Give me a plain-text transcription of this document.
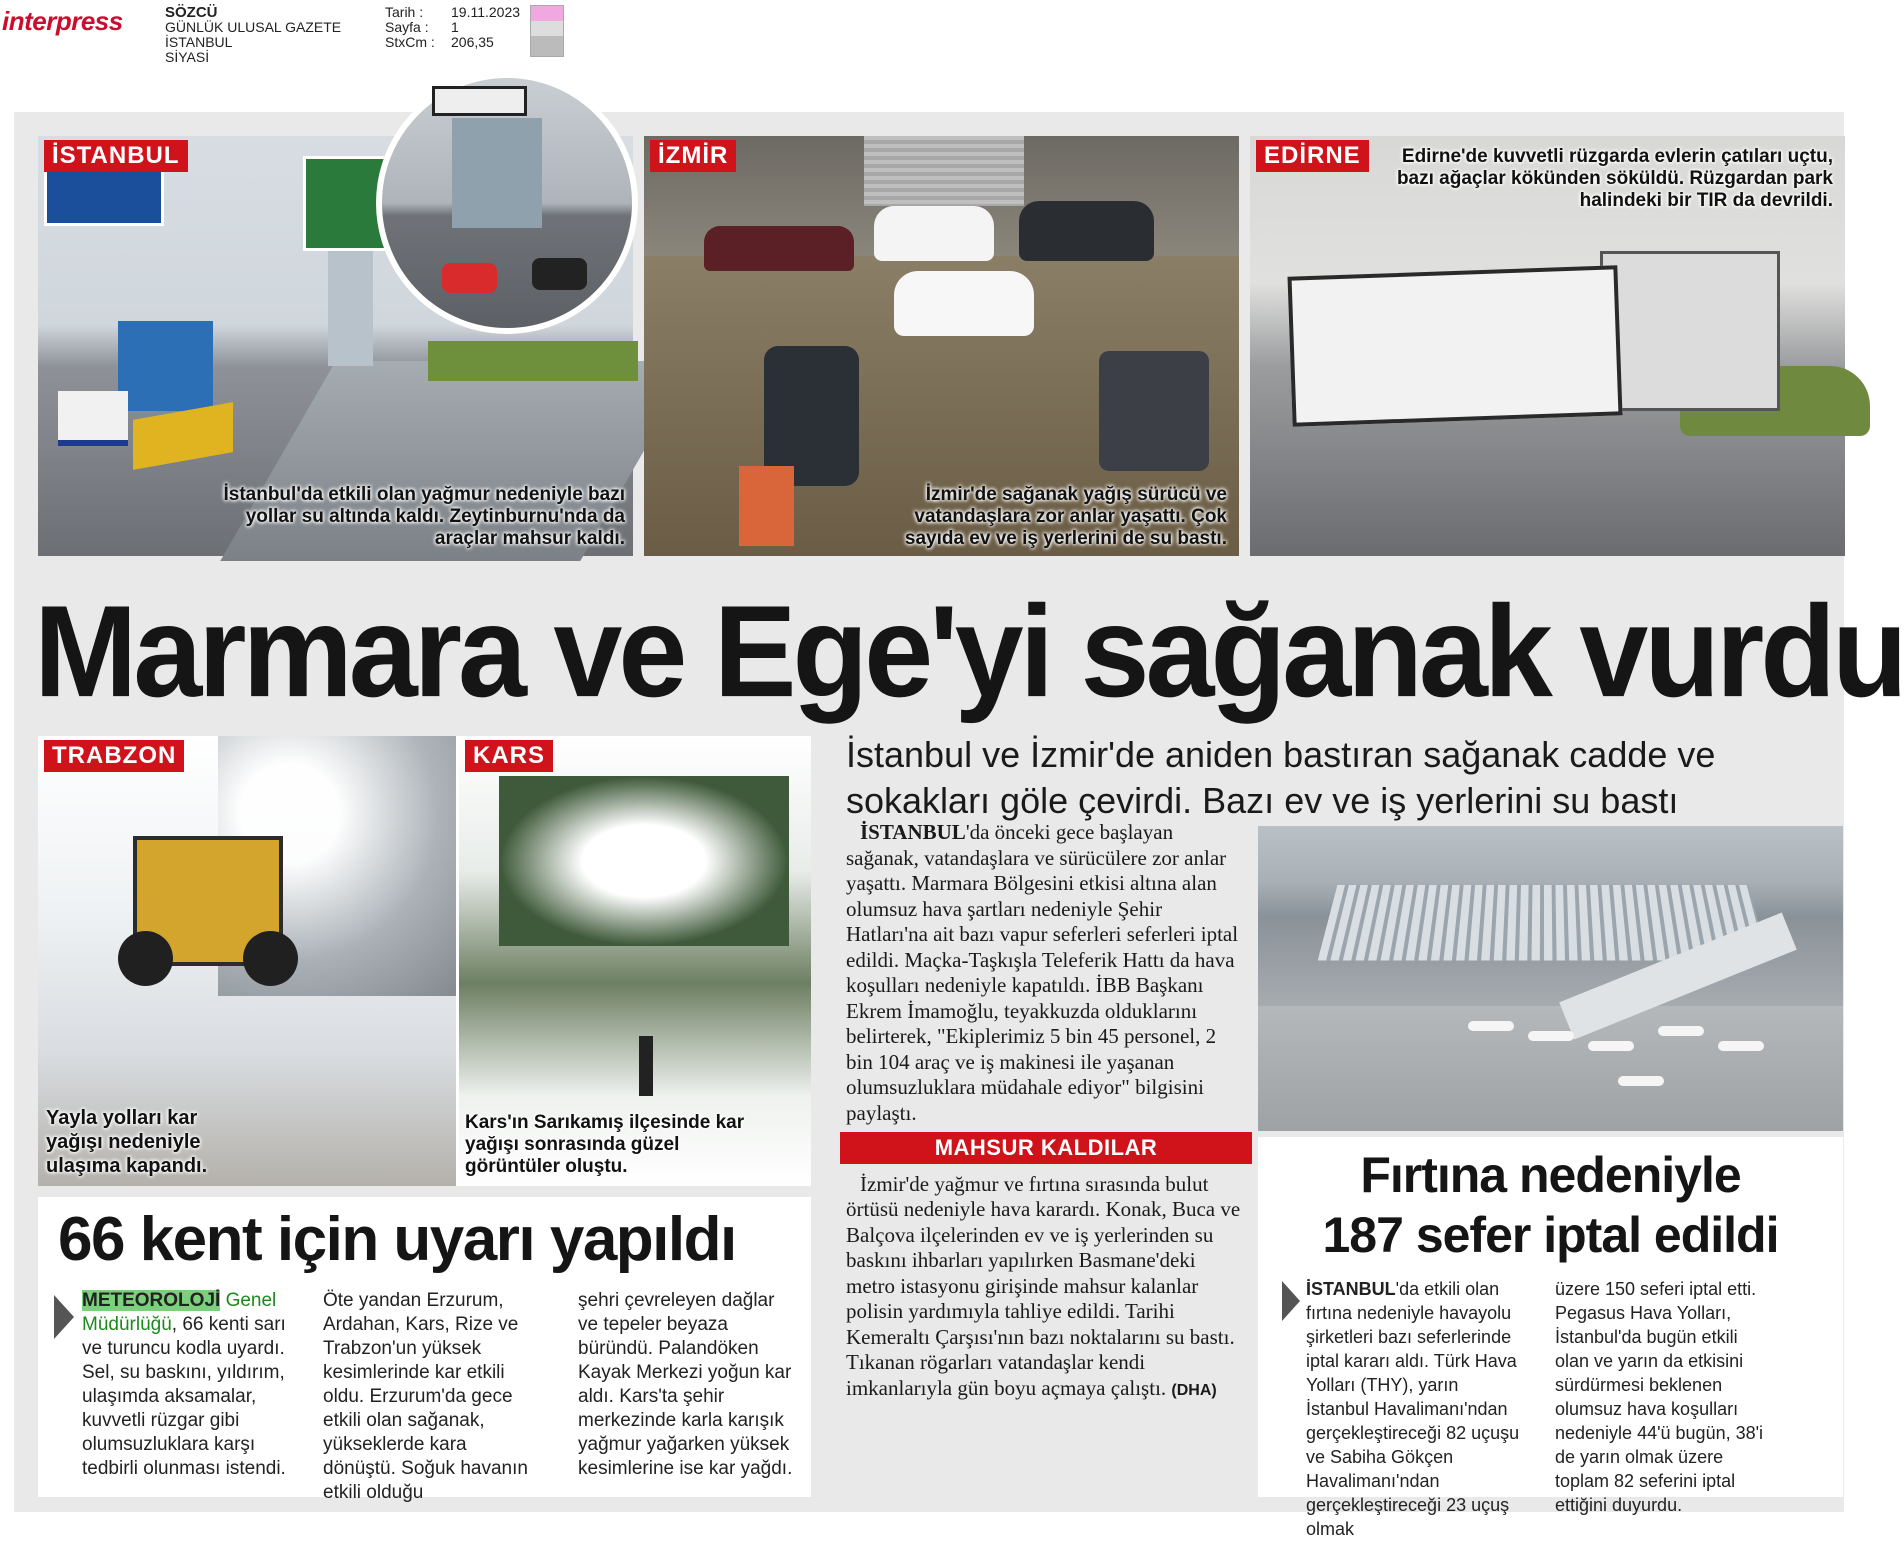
interpress	SÖZCÜ
GÜNLÜK ULUSAL GAZETE
İSTANBUL
SİYASİ
Tarih :	19.11.2023
Sayfa :	1
StxCm :	206,35
İSTANBUL
İstanbul'da etkili olan yağmur nedeniyle bazı yollar su altında kaldı. Zeytinburnu'nda da araçlar mahsur kaldı.
İZMİR
İzmir'de sağanak yağış sürücü ve vatandaşlara zor anlar yaşattı. Çok sayıda ev ve iş yerlerini de su bastı.
EDİRNE	Edirne'de kuvvetli rüzgarda evlerin çatıları uçtu, bazı ağaçlar kökünden söküldü. Rüzgardan park halindeki bir TIR da devrildi.
Marmara ve Ege'yi sağanak vurdu
TRABZON
Yayla yolları kar yağışı nedeniyle ulaşıma kapandı.
KARS
Kars'ın Sarıkamış ilçesinde kar yağışı sonrasında güzel görüntüler oluştu.
66 kent için uyarı yapıldı
METEOROLOJİ Genel Müdürlüğü, 66 kenti sarı ve turuncu kodla uyardı. Sel, su baskını, yıldırım, ulaşımda aksamalar, kuvvetli rüzgar gibi olumsuzluklara karşı tedbirli olunması istendi.
Öte yandan Erzurum, Ardahan, Kars, Rize ve Trabzon'un yüksek kesimlerinde kar etkili oldu. Erzurum'da gece etkili olan sağanak, yükseklerde kara dönüştü. Soğuk havanın etkili olduğu
şehri çevreleyen dağlar ve tepeler beyaza büründü. Palandöken Kayak Merkezi yoğun kar aldı. Kars'ta şehir merkezinde karla karışık yağmur yağarken yüksek kesimlerine ise kar yağdı.
İstanbul ve İzmir'de aniden bastıran sağanak cadde ve sokakları göle çevirdi. Bazı ev ve iş yerlerini su bastı

İSTANBUL'da önceki gece başlayan sağanak, vatandaşlara ve sürücülere zor anlar yaşattı. Marmara Bölgesini etkisi altına alan olumsuz hava şartları nedeniyle Şehir Hatları'na ait bazı vapur seferleri seferleri iptal edildi. Maçka-Taşkışla Teleferik Hattı da hava koşulları nedeniyle kapatıldı. İBB Başkanı Ekrem İmamoğlu, teyakkuzda olduklarını belirterek, "Ekiplerimiz 5 bin 45 personel, 2 bin 104 araç ve iş makinesi ile yaşanan olumsuzluklara müdahale ediyor" bilgisini paylaştı.

MAHSUR KALDILAR

İzmir'de yağmur ve fırtına sırasında bulut örtüsü nedeniyle hava karardı. Konak, Buca ve Balçova ilçelerinden ev ve iş yerlerinden su baskını ihbarları yapılırken Basmane'deki metro istasyonu girişinde mahsur kalanlar polisin yardımıyla tahliye edildi. Tarihi Kemeraltı Çarşısı'nın bazı noktalarını su bastı. Tıkanan rögarları vatandaşlar kendi imkanlarıyla gün boyu açmaya çalıştı. (DHA)

Fırtına nedeniyle
187 sefer iptal edildi
İSTANBUL'da etkili olan fırtına nedeniyle havayolu şirketleri bazı seferlerinde iptal kararı aldı. Türk Hava Yolları (THY), yarın İstanbul Havalimanı'ndan gerçekleştireceği 82 uçuşu ve Sabiha Gökçen Havalimanı'ndan gerçekleştireceği 23 uçuş olmak
üzere 150 seferi iptal etti. Pegasus Hava Yolları, İstanbul'da bugün etkili olan ve yarın da etkisini sürdürmesi beklenen olumsuz hava koşulları nedeniyle 44'ü bugün, 38'i de yarın olmak üzere toplam 82 seferini iptal ettiğini duyurdu.
